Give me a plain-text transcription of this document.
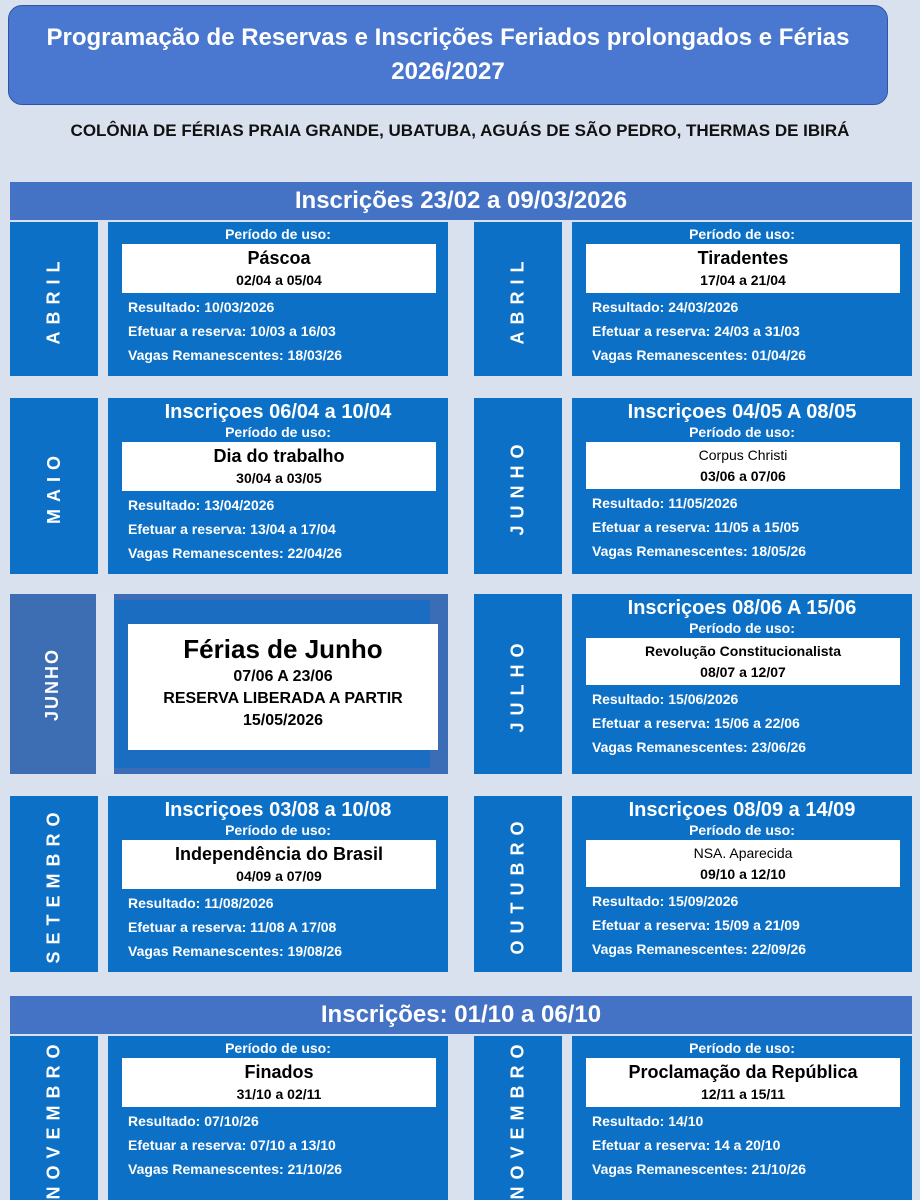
Programação de Reservas e Inscrições Feriados prolongados e Férias 2026/2027
COLÔNIA DE FÉRIAS PRAIA GRANDE, UBATUBA, AGUÁS DE SÃO PEDRO, THERMAS DE IBIRÁ
Inscrições 23/02 a 09/03/2026
ABRIL
Período de uso:
Páscoa
02/04 a 05/04
Resultado: 10/03/2026
Efetuar a reserva: 10/03 a 16/03
Vagas Remanescentes: 18/03/26
ABRIL
Período de uso:
Tiradentes
17/04 a 21/04
Resultado: 24/03/2026
Efetuar a reserva: 24/03 a 31/03
Vagas Remanescentes: 01/04/26
MAIO
Inscriçoes 06/04 a 10/04
Período de uso:
Dia do trabalho
30/04 a 03/05
Resultado: 13/04/2026
Efetuar a reserva: 13/04 a 17/04
Vagas Remanescentes: 22/04/26
JUNHO
Inscriçoes 04/05 A 08/05
Período de uso:
Corpus Christi
03/06 a 07/06
Resultado: 11/05/2026
Efetuar a reserva: 11/05 a 15/05
Vagas Remanescentes: 18/05/26
JUNHO	Férias de Junho
07/06 A 23/06
RESERVA LIBERADA A PARTIR
15/05/2026	JULHO
Inscriçoes 08/06 A 15/06
Período de uso:
Revolução Constitucionalista
08/07 a 12/07
Resultado: 15/06/2026
Efetuar a reserva: 15/06 a 22/06
Vagas Remanescentes: 23/06/26
SETEMBRO	Inscriçoes 03/08 a 10/08
Período de uso:
Independência do Brasil
04/09 a 07/09
Resultado: 11/08/2026
Efetuar a reserva: 11/08 A 17/08
Vagas Remanescentes: 19/08/26	OUTUBRO
Inscriçoes 08/09 a 14/09
Período de uso:
NSA. Aparecida
09/10 a 12/10
Resultado: 15/09/2026
Efetuar a reserva: 15/09 a 21/09
Vagas Remanescentes: 22/09/26
Inscrições: 01/10 a 06/10
NOVEMBRO	Período de uso:
Finados
31/10 a 02/11
Resultado: 07/10/26
Efetuar a reserva: 07/10 a 13/10
Vagas Remanescentes: 21/10/26	NOVEMBRO	Período de uso:
Proclamação da República
12/11 a 15/11
Resultado: 14/10
Efetuar a reserva: 14 a 20/10
Vagas Remanescentes: 21/10/26
